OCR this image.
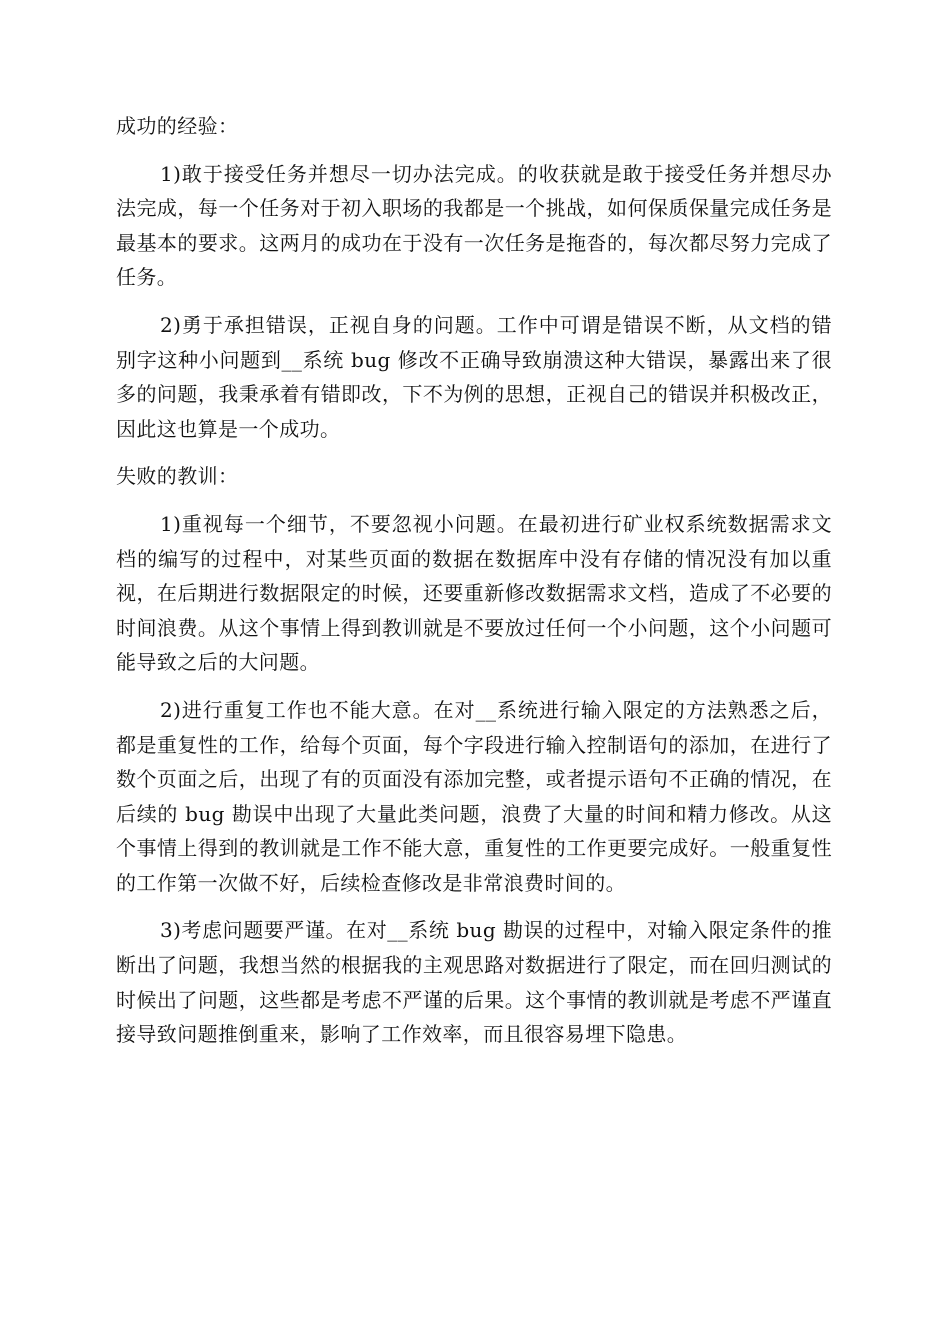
成功的经验：

1)敢于接受任务并想尽一切办法完成。的收获就是敢于接受任务并想尽办法完成，每一个任务对于初入职场的我都是一个挑战，如何保质保量完成任务是最基本的要求。这两月的成功在于没有一次任务是拖沓的，每次都尽努力完成了任务。

2)勇于承担错误，正视自身的问题。工作中可谓是错误不断，从文档的错别字这种小问题到__系统 bug 修改不正确导致崩溃这种大错误，暴露出来了很多的问题，我秉承着有错即改，下不为例的思想，正视自己的错误并积极改正，因此这也算是一个成功。

失败的教训：

1)重视每一个细节，不要忽视小问题。在最初进行矿业权系统数据需求文档的编写的过程中，对某些页面的数据在数据库中没有存储的情况没有加以重视，在后期进行数据限定的时候，还要重新修改数据需求文档，造成了不必要的时间浪费。从这个事情上得到教训就是不要放过任何一个小问题，这个小问题可能导致之后的大问题。

2)进行重复工作也不能大意。在对__系统进行输入限定的方法熟悉之后，都是重复性的工作，给每个页面，每个字段进行输入控制语句的添加，在进行了数个页面之后，出现了有的页面没有添加完整，或者提示语句不正确的情况，在后续的 bug 勘误中出现了大量此类问题，浪费了大量的时间和精力修改。从这个事情上得到的教训就是工作不能大意，重复性的工作更要完成好。一般重复性的工作第一次做不好，后续检查修改是非常浪费时间的。

3)考虑问题要严谨。在对__系统 bug 勘误的过程中，对输入限定条件的推断出了问题，我想当然的根据我的主观思路对数据进行了限定，而在回归测试的时候出了问题，这些都是考虑不严谨的后果。这个事情的教训就是考虑不严谨直接导致问题推倒重来，影响了工作效率，而且很容易埋下隐患。
